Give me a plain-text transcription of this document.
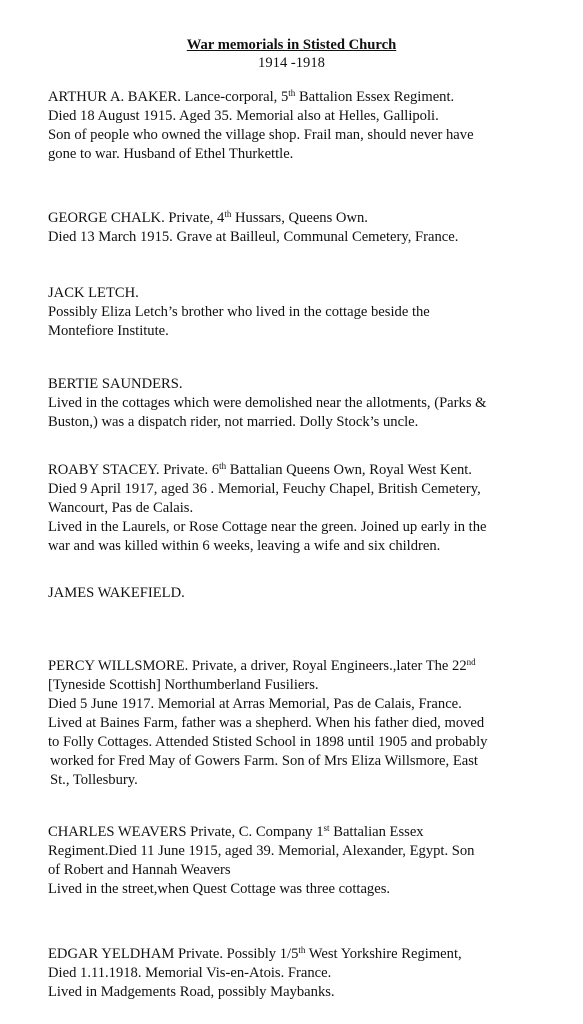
War memorials in Stisted Church
1914 -1918

ARTHUR A. BAKER. Lance-corporal, 5th Battalion Essex Regiment.

Died 18 August 1915. Aged 35. Memorial also at Helles, Gallipoli.

Son of people who owned the village shop. Frail man, should never have

gone to war. Husband of Ethel Thurkettle.

GEORGE CHALK. Private, 4th Hussars, Queens Own.

Died 13 March 1915. Grave at Bailleul, Communal Cemetery, France.

JACK LETCH.

Possibly Eliza Letch’s brother who lived in the cottage beside the

Montefiore Institute.

BERTIE SAUNDERS.

Lived in the cottages which were demolished near the allotments, (Parks &

Buston,) was a dispatch rider, not married. Dolly Stock’s uncle.

ROABY STACEY. Private. 6th Battalian Queens Own, Royal West Kent.

Died 9 April 1917, aged 36 . Memorial, Feuchy Chapel, British Cemetery,

Wancourt, Pas de Calais.

Lived in the Laurels, or Rose Cottage near the green. Joined up early in the

war and was killed within 6 weeks, leaving a wife and six children.

JAMES WAKEFIELD.

PERCY WILLSMORE. Private, a driver, Royal Engineers.,later The 22nd

[Tyneside Scottish] Northumberland Fusiliers.

Died 5 June 1917. Memorial at Arras Memorial, Pas de Calais, France.

Lived at Baines Farm, father was a shepherd. When his father died, moved

to Folly Cottages. Attended Stisted School in 1898 until 1905 and probably

worked for Fred May of Gowers Farm. Son of Mrs Eliza Willsmore, East

St., Tollesbury.

CHARLES WEAVERS Private, C. Company 1st Battalian Essex

Regiment.Died 11 June 1915, aged 39. Memorial, Alexander, Egypt. Son

of Robert and Hannah Weavers

Lived in the street,when Quest Cottage was three cottages.

EDGAR YELDHAM Private. Possibly 1/5th West Yorkshire Regiment,

Died 1.11.1918. Memorial Vis-en-Atois. France.

Lived in Madgements Road, possibly Maybanks.
